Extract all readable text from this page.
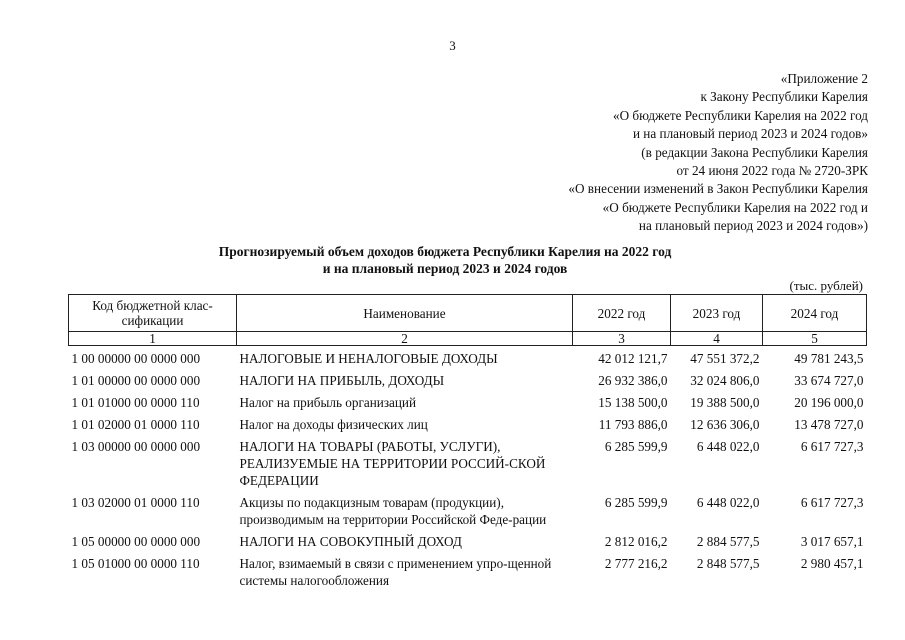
3
«Приложение 2
к Закону Республики Карелия
«О бюджете Республики Карелия на 2022 год
и на плановый период 2023 и 2024 годов»
(в редакции Закона Республики Карелия
от 24 июня 2022 года № 2720-ЗРК
«О внесении изменений в Закон Республики Карелия
«О бюджете Республики Карелия на 2022 год и
на плановый период 2023 и 2024 годов»)
Прогнозируемый объем доходов бюджета Республики Карелия на 2022 год
и на плановый период 2023 и 2024 годов
(тыс. рублей)
Код бюджетной клас-
сификации	Наименование	2022 год	2023 год	2024 год
1	2	3	4	5
1 00 00000 00 0000 000	НАЛОГОВЫЕ И НЕНАЛОГОВЫЕ ДОХОДЫ	42 012 121,7	47 551 372,2	49 781 243,5
1 01 00000 00 0000 000	НАЛОГИ НА ПРИБЫЛЬ, ДОХОДЫ	26 932 386,0	32 024 806,0	33 674 727,0
1 01 01000 00 0000 110	Налог на прибыль организаций	15 138 500,0	19 388 500,0	20 196 000,0
1 01 02000 01 0000 110	Налог на доходы физических лиц	11 793 886,0	12 636 306,0	13 478 727,0
1 03 00000 00 0000 000	НАЛОГИ НА ТОВАРЫ (РАБОТЫ, УСЛУГИ), РЕАЛИЗУЕМЫЕ НА ТЕРРИТОРИИ РОССИЙ-СКОЙ ФЕДЕРАЦИИ	6 285 599,9	6 448 022,0	6 617 727,3
1 03 02000 01 0000 110	Акцизы по подакцизным товарам (продукции), производимым на территории Российской Феде-рации	6 285 599,9	6 448 022,0	6 617 727,3
1 05 00000 00 0000 000	НАЛОГИ НА СОВОКУПНЫЙ ДОХОД	2 812 016,2	2 884 577,5	3 017 657,1
1 05 01000 00 0000 110	Налог, взимаемый в связи с применением упро-щенной системы налогообложения	2 777 216,2	2 848 577,5	2 980 457,1
